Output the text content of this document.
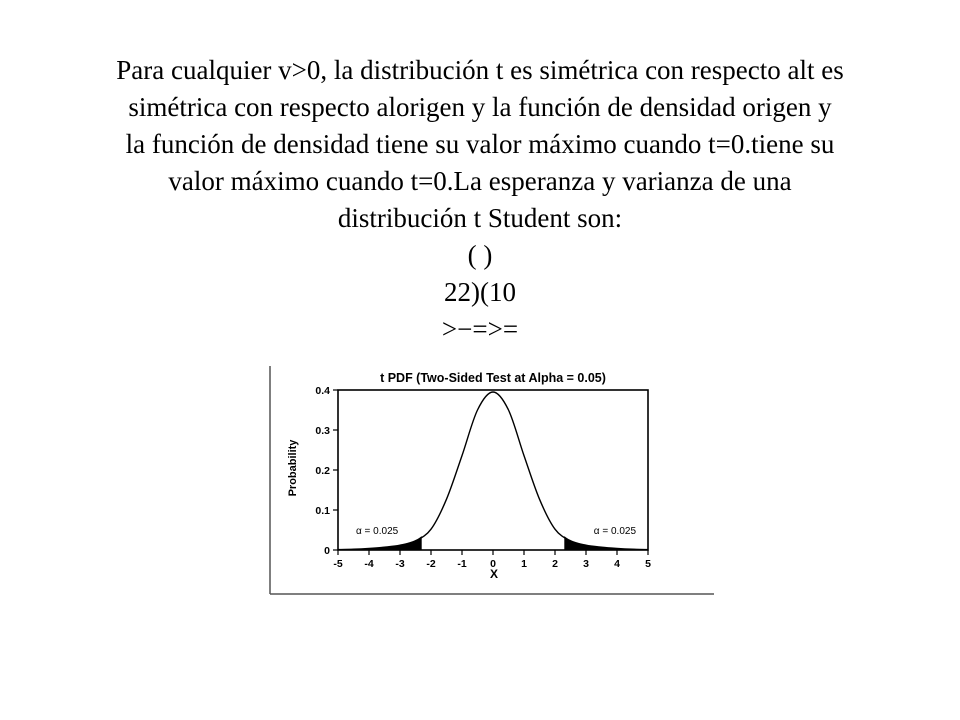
Para cualquier v>0, la distribución t es simétrica con respecto alt es
simétrica con respecto alorigen y la función de densidad origen y
la función de densidad tiene su valor máximo cuando t=0.tiene su
valor máximo cuando t=0.La esperanza y varianza de una
distribución t Student son:
( )
22)(10
>−=>=
t PDF (Two-Sided Test at Alpha = 0.05)
Probability
X
-5 -4 -3 -2 -1 0 1 2 3 4 5
0
0.1
0.2
0.3
0.4
α = 0.025	α = 0.025
